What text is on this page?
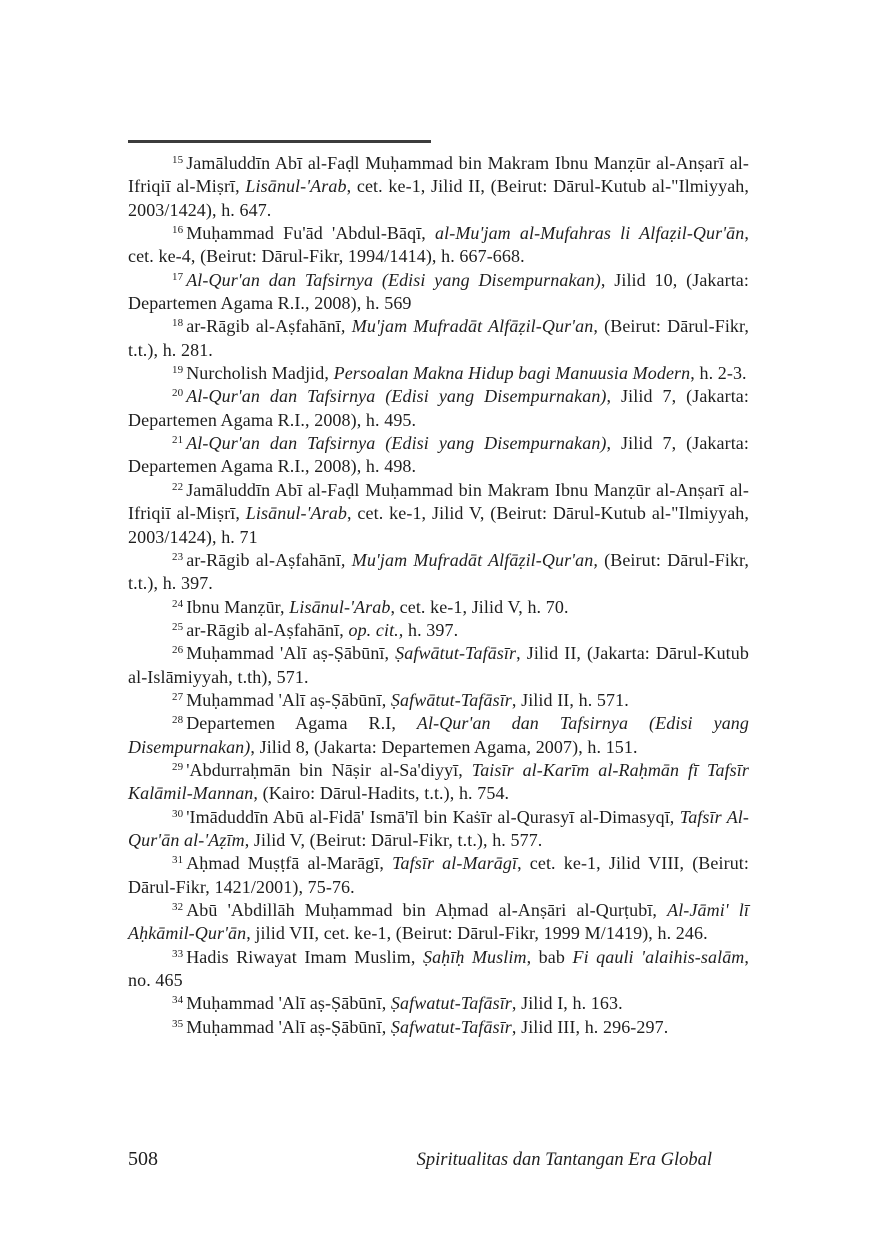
$^{15}$ Jamāluddīn Abī al-Faḍl Muḥammad bin Makram Ibnu Manẓūr al-Anṣarī al-Ifriqiī al-Miṣrī, Lisānul-'Arab, cet. ke-1, Jilid II, (Beirut: Dārul-Kutub al-"Ilmiyyah, 2003/1424), h. 647.

$^{16}$ Muḥammad Fu'ād 'Abdul-Bāqī, al-Mu'jam al-Mufahras li Alfaẓil-Qur'ān, cet. ke-4, (Beirut: Dārul-Fikr, 1994/1414), h. 667-668.

$^{17}$ Al-Qur'an dan Tafsirnya (Edisi yang Disempurnakan), Jilid 10, (Jakarta: Departemen Agama R.I., 2008), h. 569

$^{18}$ ar-Rāgib al-Aṣfahānī, Mu'jam Mufradāt Alfāẓil-Qur'an, (Beirut: Dārul-Fikr, t.t.), h. 281.

$^{19}$ Nurcholish Madjid, Persoalan Makna Hidup bagi Manuusia Modern, h. 2-3.

$^{20}$ Al-Qur'an dan Tafsirnya (Edisi yang Disempurnakan), Jilid 7, (Jakarta: Departemen Agama R.I., 2008), h. 495.

$^{21}$ Al-Qur'an dan Tafsirnya (Edisi yang Disempurnakan), Jilid 7, (Jakarta: Departemen Agama R.I., 2008), h. 498.

$^{22}$ Jamāluddīn Abī al-Faḍl Muḥammad bin Makram Ibnu Manẓūr al-Anṣarī al-Ifriqiī al-Miṣrī, Lisānul-'Arab, cet. ke-1, Jilid V, (Beirut: Dārul-Kutub al-"Ilmiyyah, 2003/1424), h. 71

$^{23}$ ar-Rāgib al-Aṣfahānī, Mu'jam Mufradāt Alfāẓil-Qur'an, (Beirut: Dārul-Fikr, t.t.), h. 397.

$^{24}$ Ibnu Manẓūr, Lisānul-'Arab, cet. ke-1, Jilid V, h. 70.

$^{25}$ ar-Rāgib al-Aṣfahānī, op. cit., h. 397.

$^{26}$ Muḥammad 'Alī aṣ-Ṣābūnī, Ṣafwātut-Tafāsīr, Jilid II, (Jakarta: Dārul-Kutub al-Islāmiyyah, t.th), 571.

$^{27}$ Muḥammad 'Alī aṣ-Ṣābūnī, Ṣafwātut-Tafāsīr, Jilid II, h. 571.

$^{28}$ Departemen Agama R.I, Al-Qur'an dan Tafsirnya (Edisi yang Disempurnakan), Jilid 8, (Jakarta: Departemen Agama, 2007), h. 151.

$^{29}$ 'Abdurraḥmān bin Nāṣir al-Sa'diyyī, Taisīr al-Karīm al-Raḥmān fī Tafsīr Kalāmil-Mannan, (Kairo: Dārul-Hadits, t.t.), h. 754.

$^{30}$ 'Imāduddīn Abū al-Fidā' Ismā'īl bin Kaṡīr al-Qurasyī al-Dimasyqī, Tafsīr Al-Qur'ān al-'Aẓīm, Jilid V, (Beirut: Dārul-Fikr, t.t.), h. 577.

$^{31}$ Aḥmad Muṣṭfā al-Marāgī, Tafsīr al-Marāgī, cet. ke-1, Jilid VIII, (Beirut: Dārul-Fikr, 1421/2001), 75-76.

$^{32}$ Abū 'Abdillāh Muḥammad bin Aḥmad al-Anṣāri al-Qurṭubī, Al-Jāmi' lī Aḥkāmil-Qur'ān, jilid VII, cet. ke-1, (Beirut: Dārul-Fikr, 1999 M/1419), h. 246.

$^{33}$ Hadis Riwayat Imam Muslim, Ṣaḥīḥ Muslim, bab Fi qauli 'alaihis-salām, no. 465

$^{34}$ Muḥammad 'Alī aṣ-Ṣābūnī, Ṣafwatut-Tafāsīr, Jilid I, h. 163.

$^{35}$ Muḥammad 'Alī aṣ-Ṣābūnī, Ṣafwatut-Tafāsīr, Jilid III, h. 296-297.

508	Spiritualitas dan Tantangan Era Global
